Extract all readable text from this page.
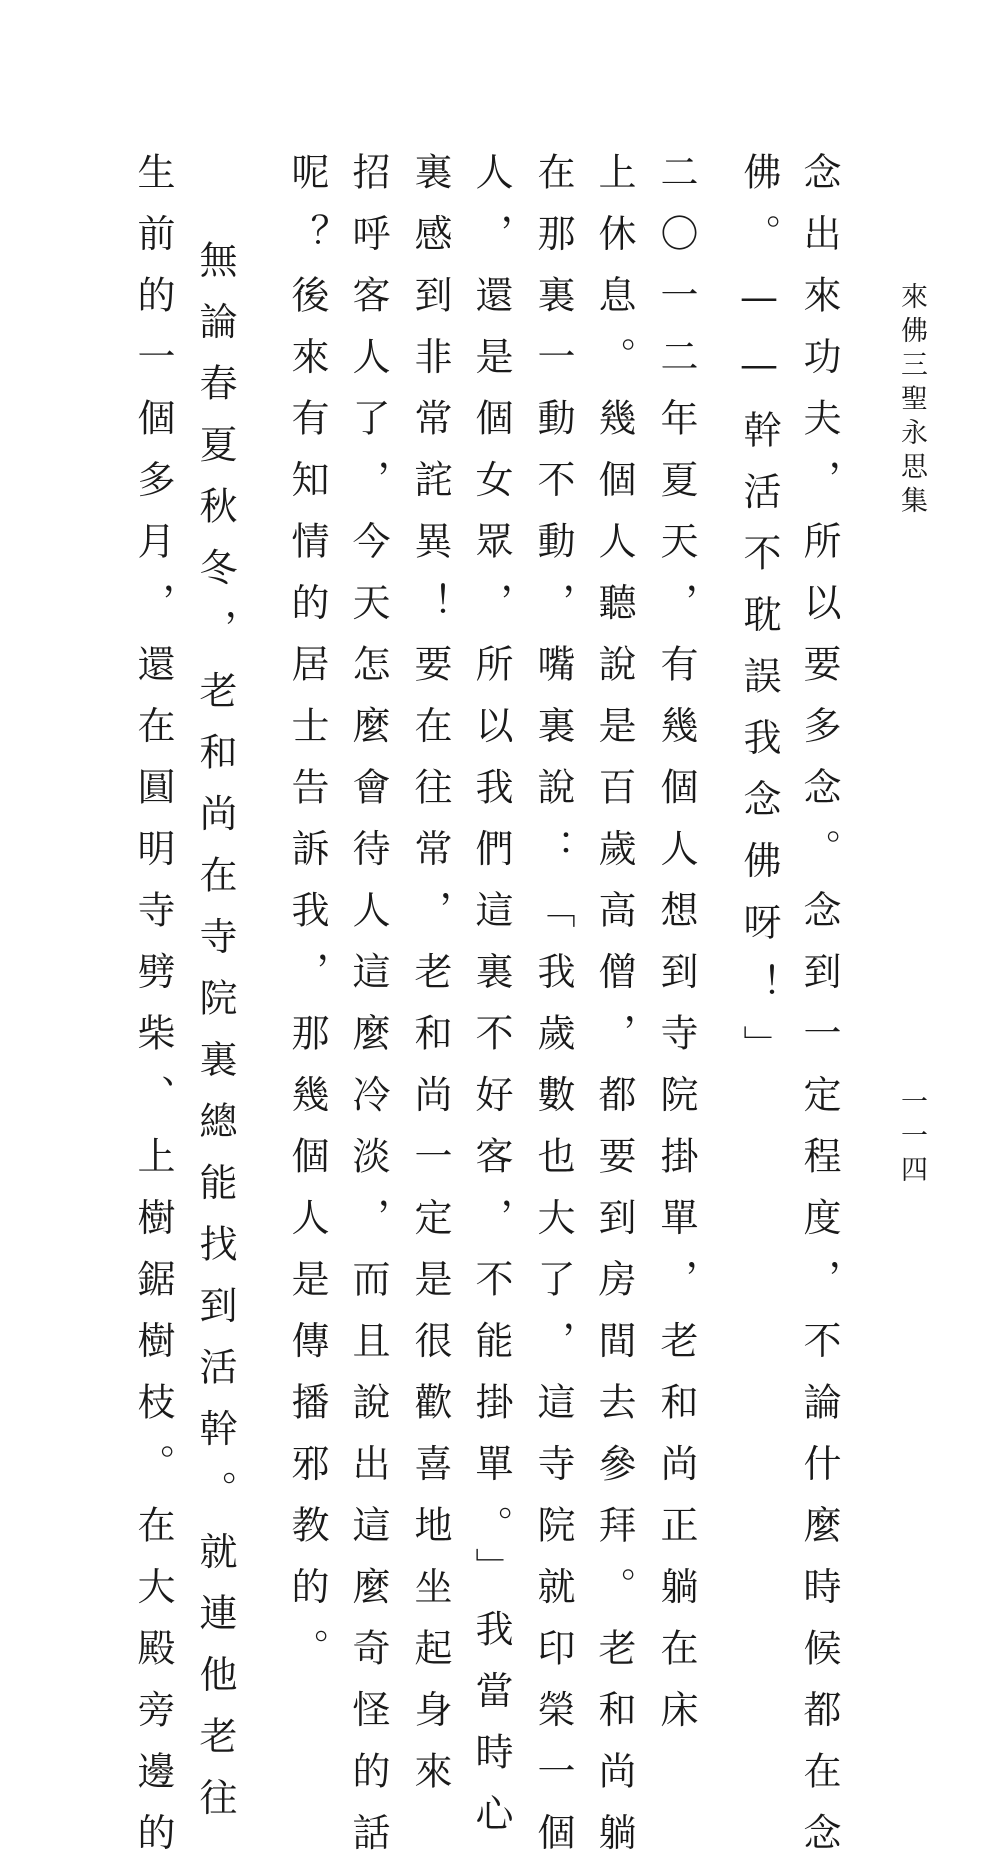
來佛三聖永思集
一一四
念出來功夫，所以要多念。念到一定程度，不論什麼時候都在念
佛。——幹活不耽誤我念佛呀！」
二〇一二年夏天，有幾個人想到寺院掛單，老和尚正躺在床
上休息。幾個人聽說是百歲高僧，都要到房間去參拜。老和尚躺
在那裏一動不動，嘴裏說：「我歲數也大了，這寺院就印榮一個
人，還是個女眾，所以我們這裏不好客，不能掛單。」我當時心
裏感到非常詫異！要在往常，老和尚一定是很歡喜地坐起身來
招呼客人了，今天怎麼會待人這麼冷淡，而且說出這麼奇怪的話
呢？後來有知情的居士告訴我，那幾個人是傳播邪教的。
無論春夏秋冬，老和尚在寺院裏總能找到活幹。就連他老往
生前的一個多月，還在圓明寺劈柴、上樹鋸樹枝。在大殿旁邊的
